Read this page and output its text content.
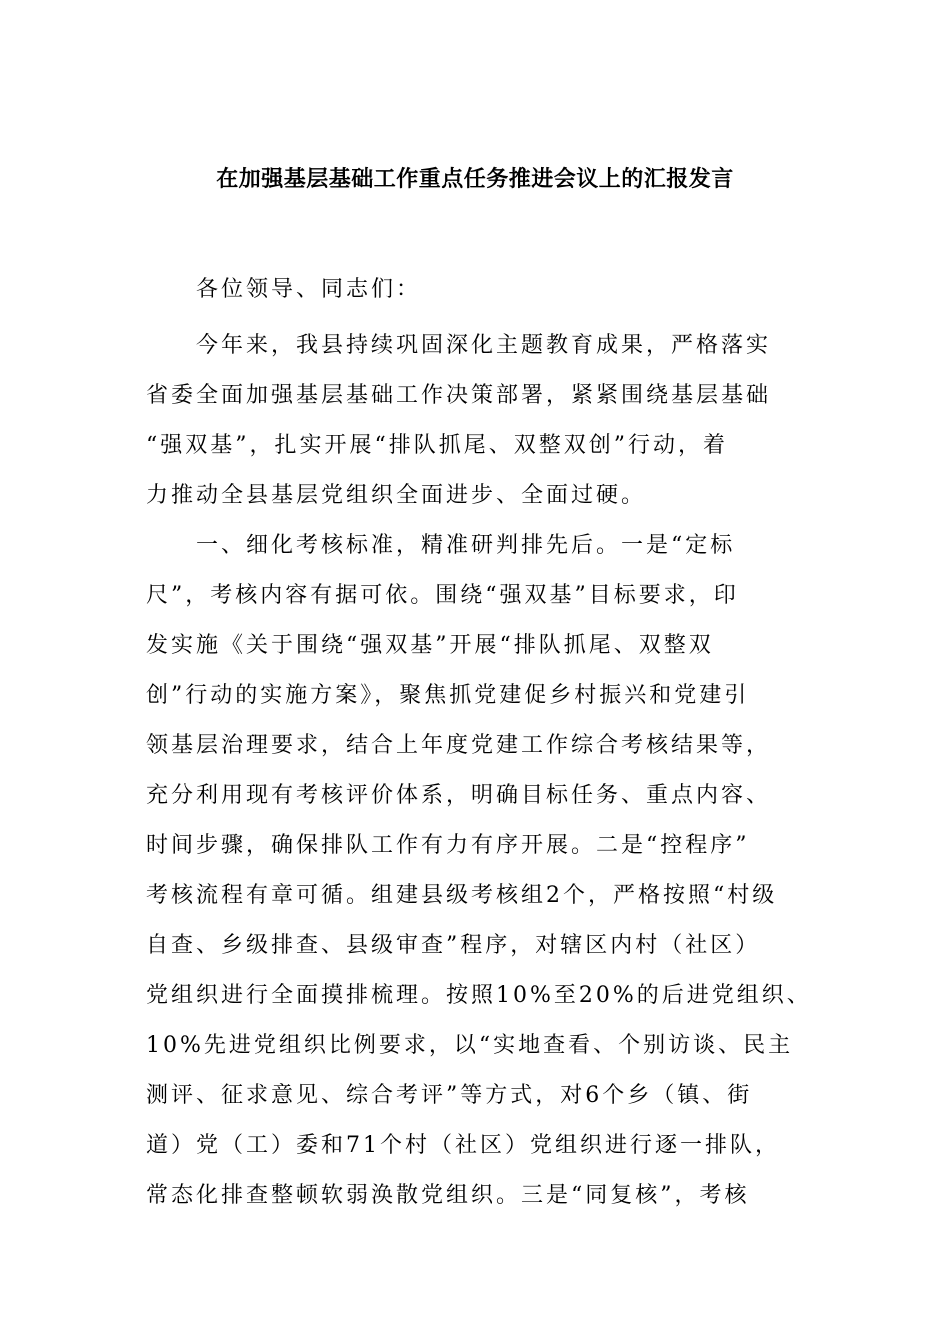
在加强基层基础工作重点任务推进会议上的汇报发言
各位领导、同志们：
今年来，我县持续巩固深化主题教育成果，严格落实
省委全面加强基层基础工作决策部署，紧紧围绕基层基础
“强双基”，扎实开展“排队抓尾、双整双创”行动，着
力推动全县基层党组织全面进步、全面过硬。
一、细化考核标准，精准研判排先后。一是“定标
尺”，考核内容有据可依。围绕“强双基”目标要求，印
发实施《关于围绕“强双基”开展“排队抓尾、双整双
创”行动的实施方案》，聚焦抓党建促乡村振兴和党建引
领基层治理要求，结合上年度党建工作综合考核结果等，
充分利用现有考核评价体系，明确目标任务、重点内容、
时间步骤，确保排队工作有力有序开展。二是“控程序”
考核流程有章可循。组建县级考核组2个，严格按照“村级
自查、乡级排查、县级审查”程序，对辖区内村（社区）
党组织进行全面摸排梳理。按照10%至20%的后进党组织、
10%先进党组织比例要求，以“实地查看、个别访谈、民主
测评、征求意见、综合考评”等方式，对6个乡（镇、街
道）党（工）委和71个村（社区）党组织进行逐一排队，
常态化排查整顿软弱涣散党组织。三是“同复核”，考核
